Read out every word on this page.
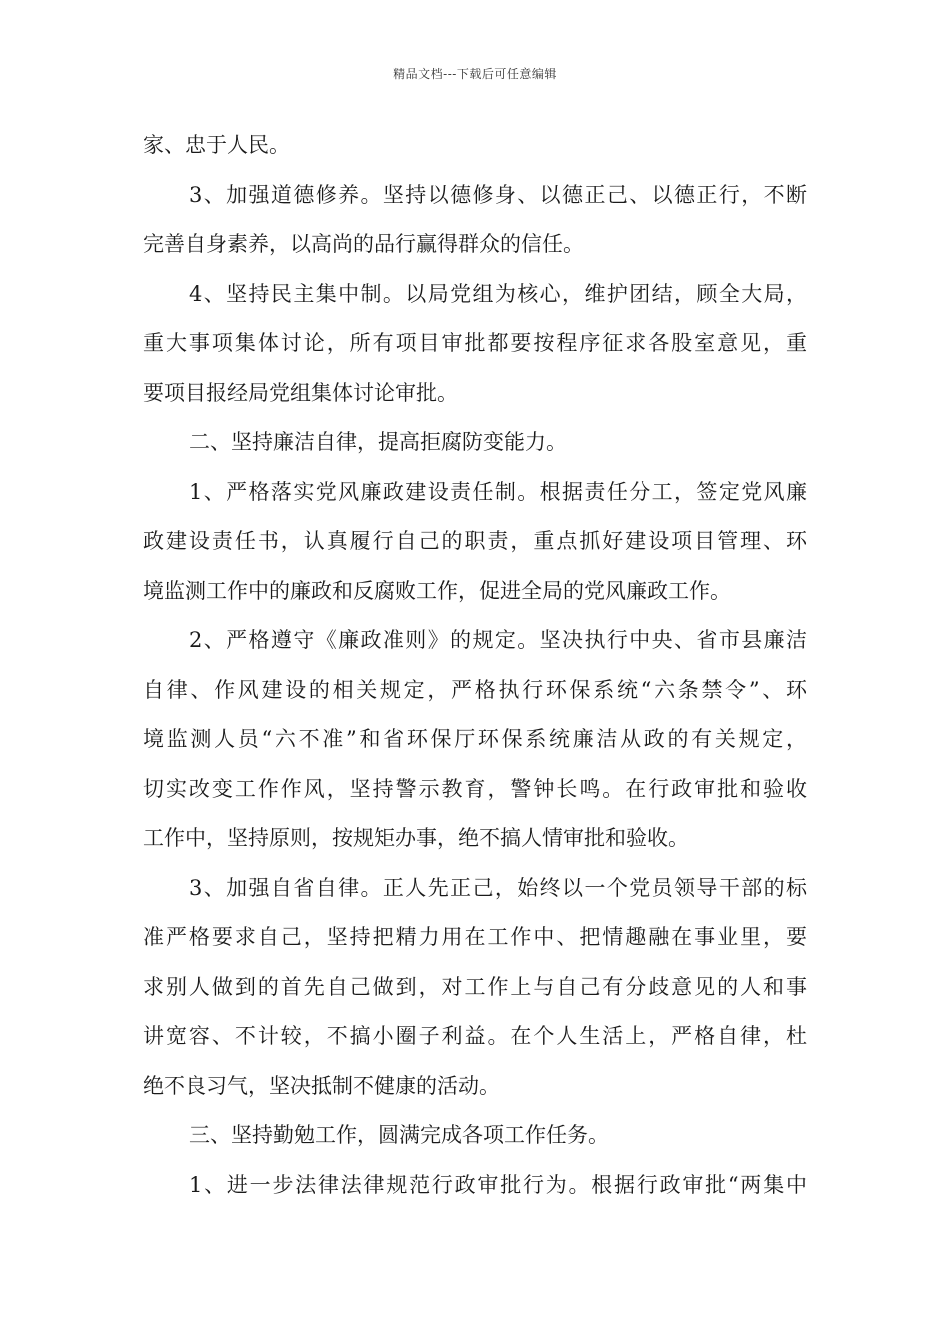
精品文档---下载后可任意编辑
家、忠于人民。
3、加强道德修养。坚持以德修身、以德正己、以德正行，不断
完善自身素养，以高尚的品行赢得群众的信任。
4、坚持民主集中制。以局党组为核心，维护团结，顾全大局，
重大事项集体讨论，所有项目审批都要按程序征求各股室意见，重
要项目报经局党组集体讨论审批。
二、坚持廉洁自律，提高拒腐防变能力。
1、严格落实党风廉政建设责任制。根据责任分工，签定党风廉
政建设责任书，认真履行自己的职责，重点抓好建设项目管理、环
境监测工作中的廉政和反腐败工作，促进全局的党风廉政工作。
2、严格遵守《廉政准则》的规定。坚决执行中央、省市县廉洁
自律、作风建设的相关规定，严格执行环保系统“六条禁令”、环
境监测人员“六不准”和省环保厅环保系统廉洁从政的有关规定，
切实改变工作作风，坚持警示教育，警钟长鸣。在行政审批和验收
工作中，坚持原则，按规矩办事，绝不搞人情审批和验收。
3、加强自省自律。正人先正己，始终以一个党员领导干部的标
准严格要求自己，坚持把精力用在工作中、把情趣融在事业里，要
求别人做到的首先自己做到，对工作上与自己有分歧意见的人和事
讲宽容、不计较，不搞小圈子利益。在个人生活上，严格自律，杜
绝不良习气，坚决抵制不健康的活动。
三、坚持勤勉工作，圆满完成各项工作任务。
1、进一步法律法律规范行政审批行为。根据行政审批“两集中
